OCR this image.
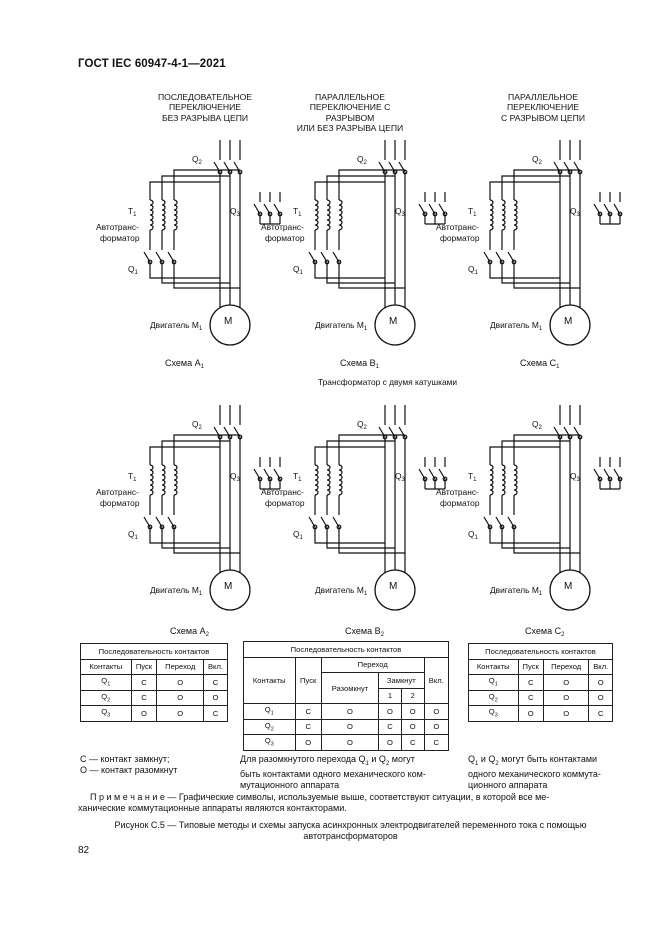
ГОСТ IEC 60947-4-1—2021
ПОСЛЕДОВАТЕЛЬНОЕ
ПЕРЕКЛЮЧЕНИЕ
БЕЗ РАЗРЫВА ЦЕПИ
ПАРАЛЛЕЛЬНОЕ
ПЕРЕКЛЮЧЕНИЕ С РАЗРЫВОМ
ИЛИ БЕЗ РАЗРЫВА ЦЕПИ
ПАРАЛЛЕЛЬНОЕ
ПЕРЕКЛЮЧЕНИЕ
С РАЗРЫВОМ ЦЕПИ
M	M	M
M	M	M
$Q_2$
$T_1$
Автотранс-
форматор
$Q_3$
$Q_1$
Двигатель $M_1$
$Q_2$
$T_1$
Автотранс-
форматор
$Q_3$
$Q_1$
Двигатель $M_1$
$Q_2$
$T_1$
Автотранс-
форматор
$Q_3$
$Q_1$
Двигатель $M_1$
$Q_2$
$T_1$
Автотранс-
форматор
$Q_3$
$Q_1$
Двигатель $M_1$
$Q_2$
$T_1$
Автотранс-
форматор
$Q_3$
$Q_1$
Двигатель $M_1$
$Q_2$
$T_1$
Автотранс-
форматор
$Q_3$
$Q_1$
Двигатель $M_1$
Схема $A_1$	Схема $B_1$	Схема $C_1$
Схема $A_2$	Схема $B_2$	Схема $C_2$
Трансформатор с двумя катушками
Последовательность контактов			
Контакты	Пуск	Переход	Вкл.
$Q_1$	C	O	C
$Q_2$	C	O	O
$Q_3$	O	O	C
Последовательность контактов					
Контакты	Пуск	Переход			Вкл.
		Разомкнут	Замкнут		
			1	2	
$Q_1$	C	O	O	O	O
$Q_2$	C	O	C	O	O
$Q_3$	O	O	O	C	C
Последовательность контактов			
Контакты	Пуск	Переход	Вкл.
$Q_1$	C	O	O
$Q_2$	C	O	O
$Q_3$	O	O	C
C — контакт замкнут;
O — контакт разомкнут
Для разомкнутого перехода $Q_1$ и $Q_2$ могут
быть контактами одного механического ком-
мутационного аппарата
$Q_1$ и $Q_2$ могут быть контактами
одного механического коммута-
ционного аппарата
П р и м е ч а н и е — Графические символы, используемые выше, соответствуют ситуации, в которой все ме-
ханические коммутационные аппараты являются контакторами.
Рисунок C.5 — Типовые методы и схемы запуска асинхронных электродвигателей переменного тока с помощью
автотрансформаторов
82
